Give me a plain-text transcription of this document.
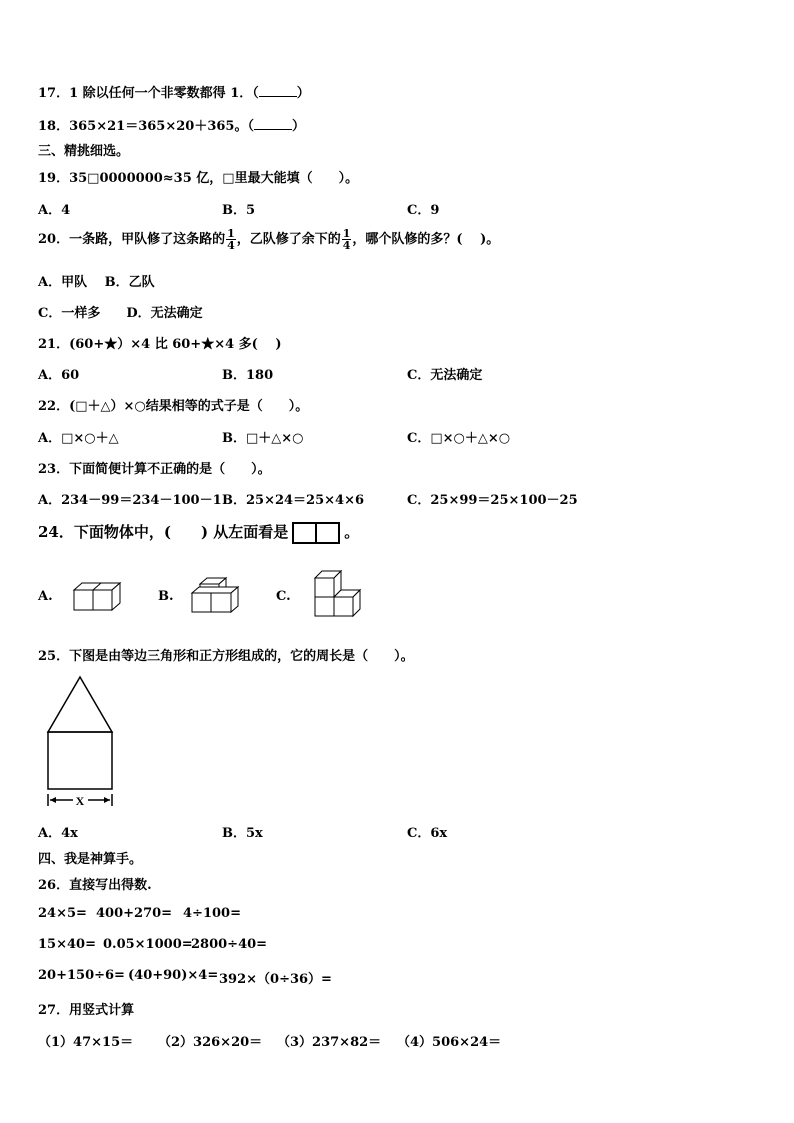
17．1 除以任何一个非零数都得 1．（	）
18．365×21＝365×20＋365。（	）
三、精挑细选。
19．35□0000000≈35 亿，□里最大能填（　　）。
A．4	B．5	C．9
20．一条路，甲队修了这条路的 $\frac{1}{4}$ ，乙队修了余下的 $\frac{1}{4}$ ，哪个队修的多？(　 )。
A．甲队　 B．乙队
C．一样多　　D．无法确定
21．(60+★）×4 比 60+★×4 多(　 )
A．60	B．180	C．无法确定
22．(□＋△）×○结果相等的式子是（　　）。
A．□×○＋△	B．□＋△×○	C．□×○＋△×○
23．下面简便计算不正确的是（　　）。
A．234－99＝234－100－1 B．25×24＝25×4×6	C．25×99＝25×100－25
24．下面物体中，(　　) 从左面看是	。
A.	B.	C.
25．下图是由等边三角形和正方形组成的，它的周长是（　　）。
X
A．4x	B．5x	C．6x
四、我是神算手。
26．直接写出得数.
24×5= 400+270= 4÷100=
15×40= 0.05×1000=
2800÷40=
20+150÷6= (40+90)×4= 392×（0÷36）=
27．用竖式计算
（1）47×15＝ （2）326×20＝ （3）237×82＝ （4）506×24＝
